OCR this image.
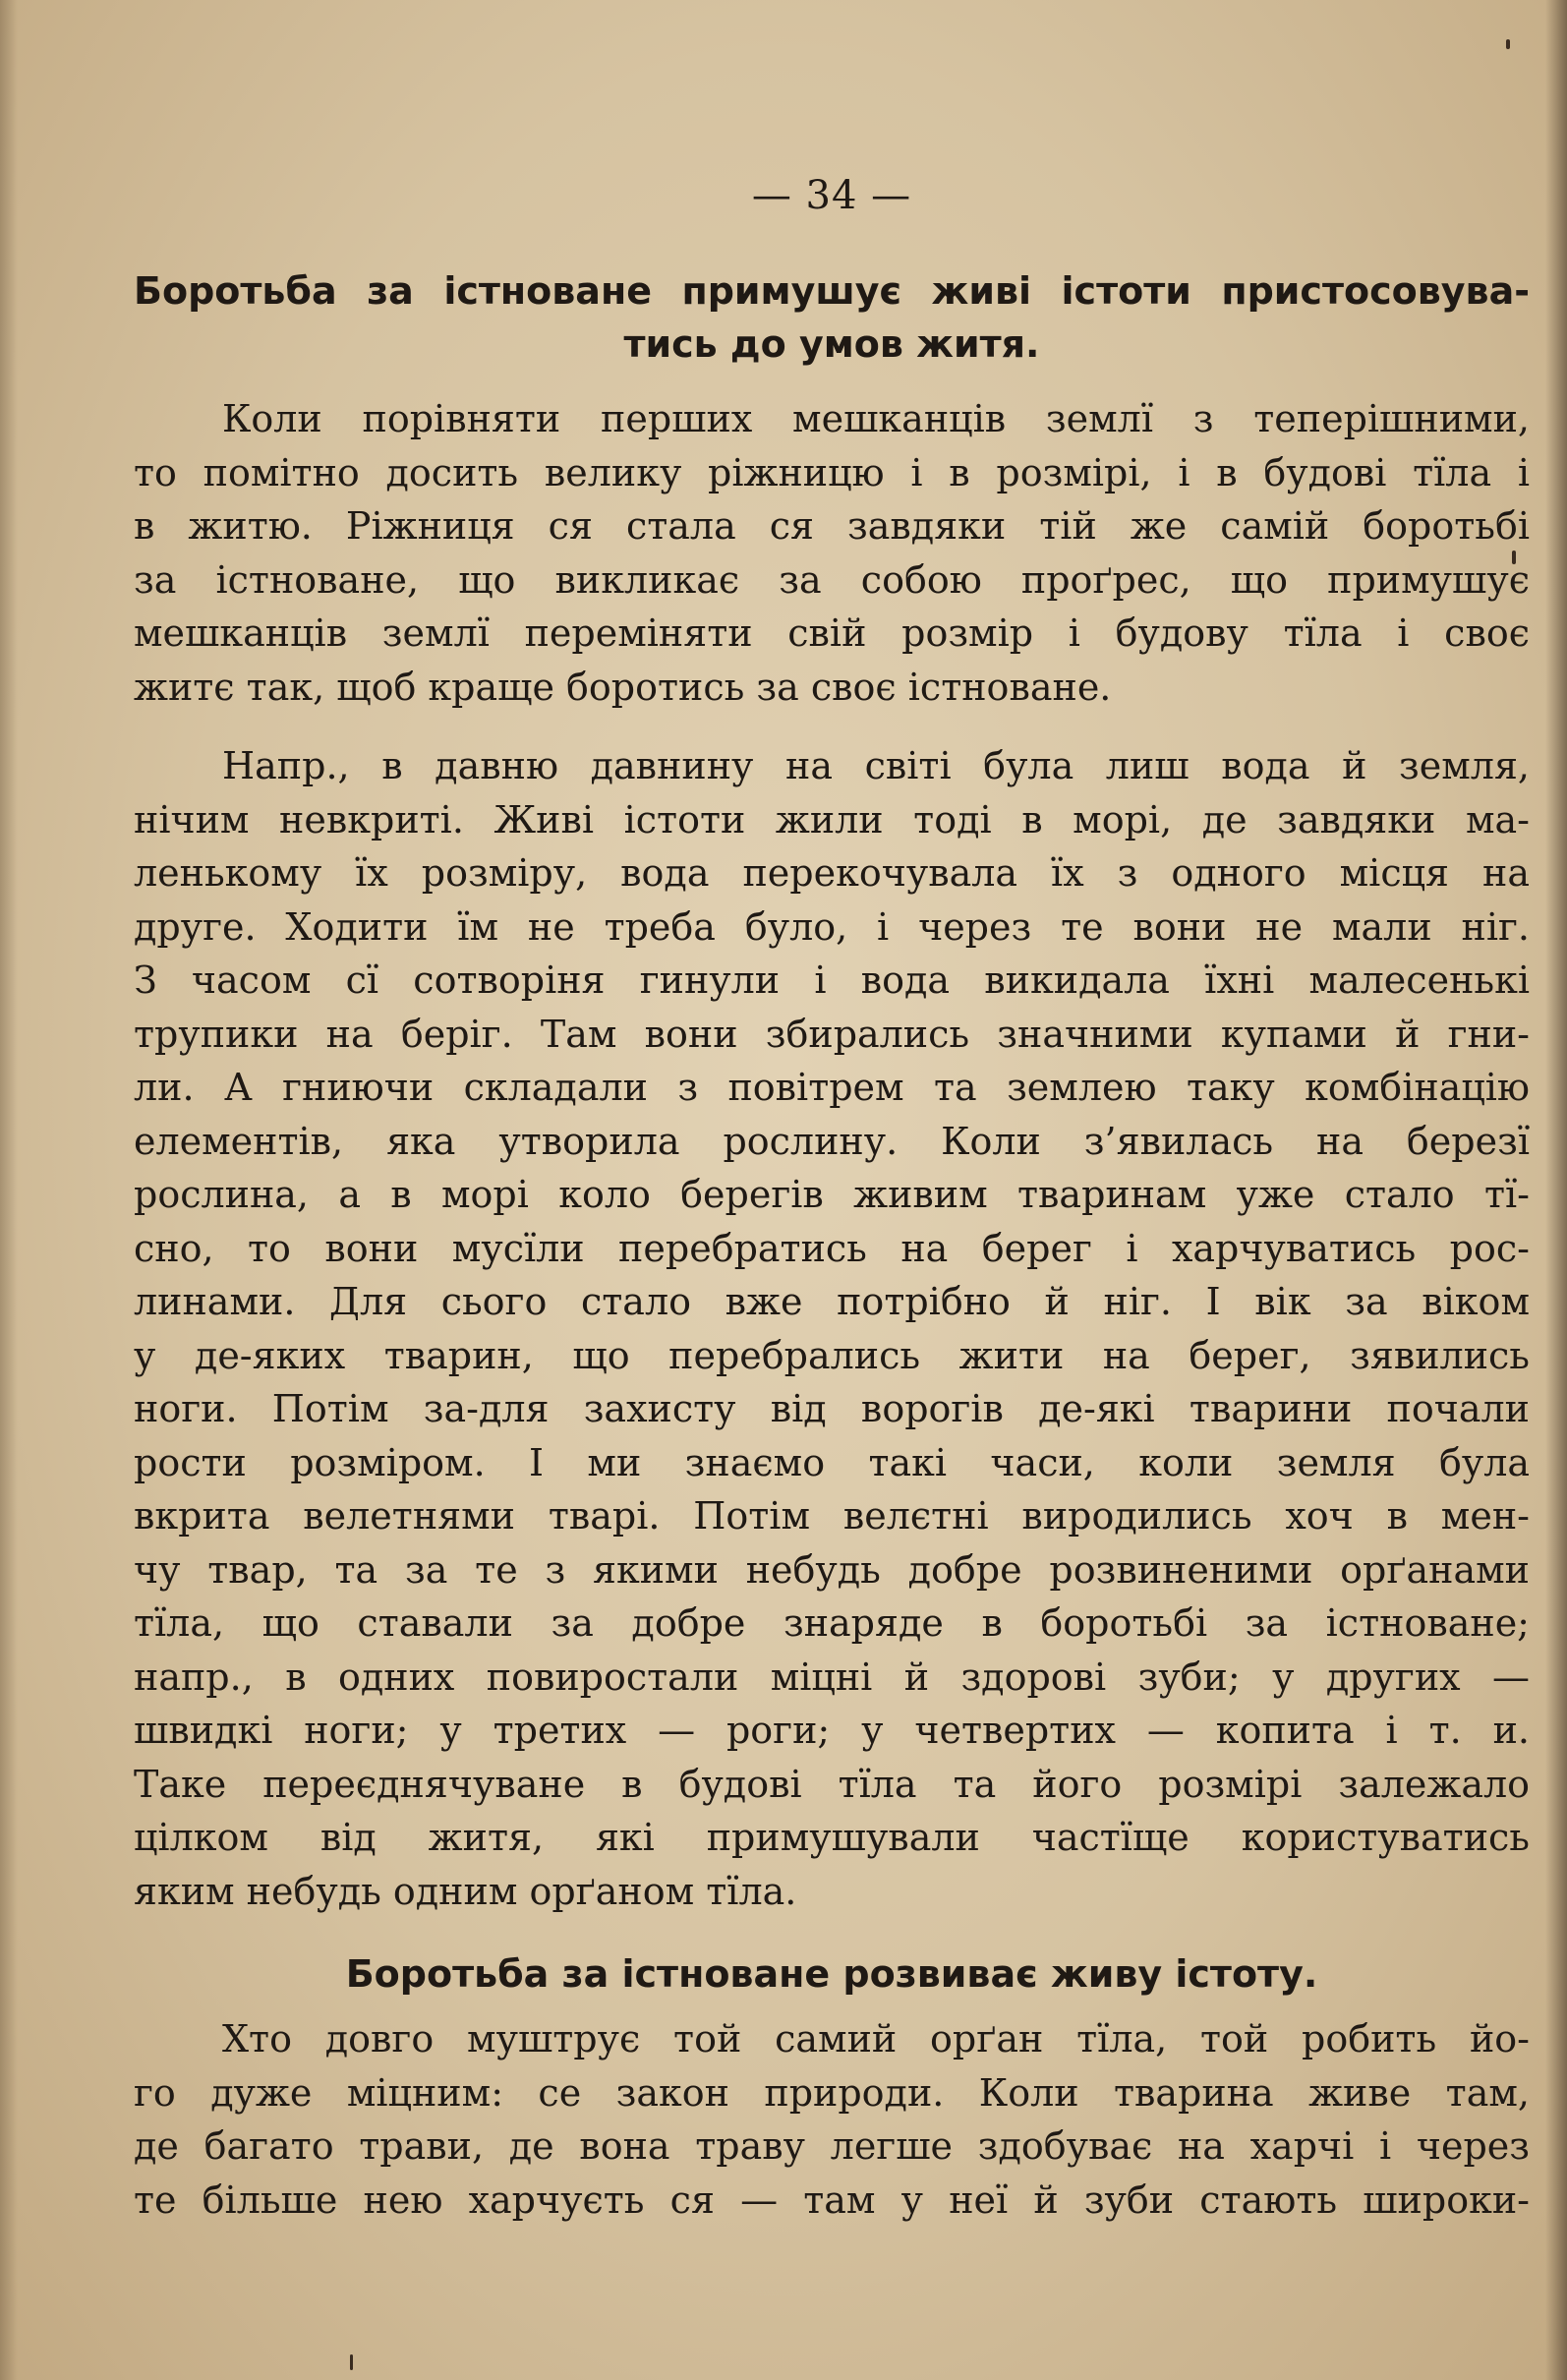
— 34 —
Боротьба за істноване примушує живі істоти пристосовува-
тись до умов житя.
Коли порівняти перших мешканців землї з теперішними,
то помітно досить велику ріжницю і в розмірі, і в будові тїла і
в житю. Ріжниця ся стала ся завдяки тій же самій боротьбі
за істноване, що викликає за собою проґрес, що примушує
мешканців землї переміняти свій розмір і будову тїла і своє
житє так, щоб краще боротись за своє істноване.
Напр., в давню давнину на світі була лиш вода й земля,
нічим невкриті. Живі істоти жили тоді в морі, де завдяки ма-
ленькому їх розміру, вода перекочувала їх з одного місця на
друге. Ходити їм не треба було, і через те вони не мали ніг.
З часом сї сотворіня гинули і вода викидала їхні малесенькі
трупики на беріг. Там вони збирались значними купами й гни-
ли. А гниючи складали з повітрем та землею таку комбінацію
елементів, яка утворила рослину. Коли з’явилась на березї
рослина, а в морі коло берегів живим тваринам уже стало тї-
сно, то вони мусїли перебратись на берег і харчуватись рос-
линами. Для сього стало вже потрібно й ніг. І вік за віком
у де-яких тварин, що перебрались жити на берег, зявились
ноги. Потім за-для захисту від ворогів де-які тварини почали
рости розміром. І ми знаємо такі часи, коли земля була
вкрита велетнями тварі. Потім велєтні виродились хоч в мен-
чу твар, та за те з якими небудь добре розвиненими орґанами
тїла, що ставали за добре знаряде в боротьбі за істноване;
напр., в одних повиростали міцні й здорові зуби; у других —
швидкі ноги; у третих — роги; у четвертих — копита і т. и.
Таке переєднячуване в будові тїла та його розмірі залежало
цілком від житя, які примушували частїще користуватись
яким небудь одним орґаном тїла.
Боротьба за істноване розвиває живу істоту.
Хто довго муштрує той самий орґан тїла, той робить йо-
го дуже міцним: се закон природи. Коли тварина живе там,
де багато трави, де вона траву легше здобуває на харчі і через
те більше нею харчуєть ся — там у неї й зуби стають широки-
